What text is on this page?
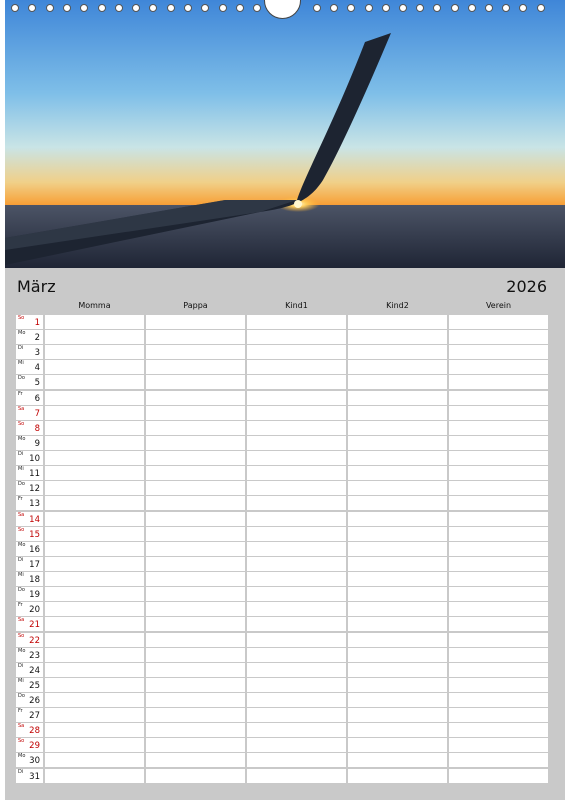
März	2026
Momma	Pappa	Kind1	Kind2	Verein
So 1
Mo 2
Di 3
Mi 4
Do 5
Fr 6
Sa 7
So 8
Mo 9
Di 10
Mi 11
Do 12
Fr 13
Sa 14
So 15
Mo 16
Di 17
Mi 18
Do 19
Fr 20
Sa 21
So 22
Mo 23
Di 24
Mi 25
Do 26
Fr 27
Sa 28
So 29
Mo 30
Di 31
